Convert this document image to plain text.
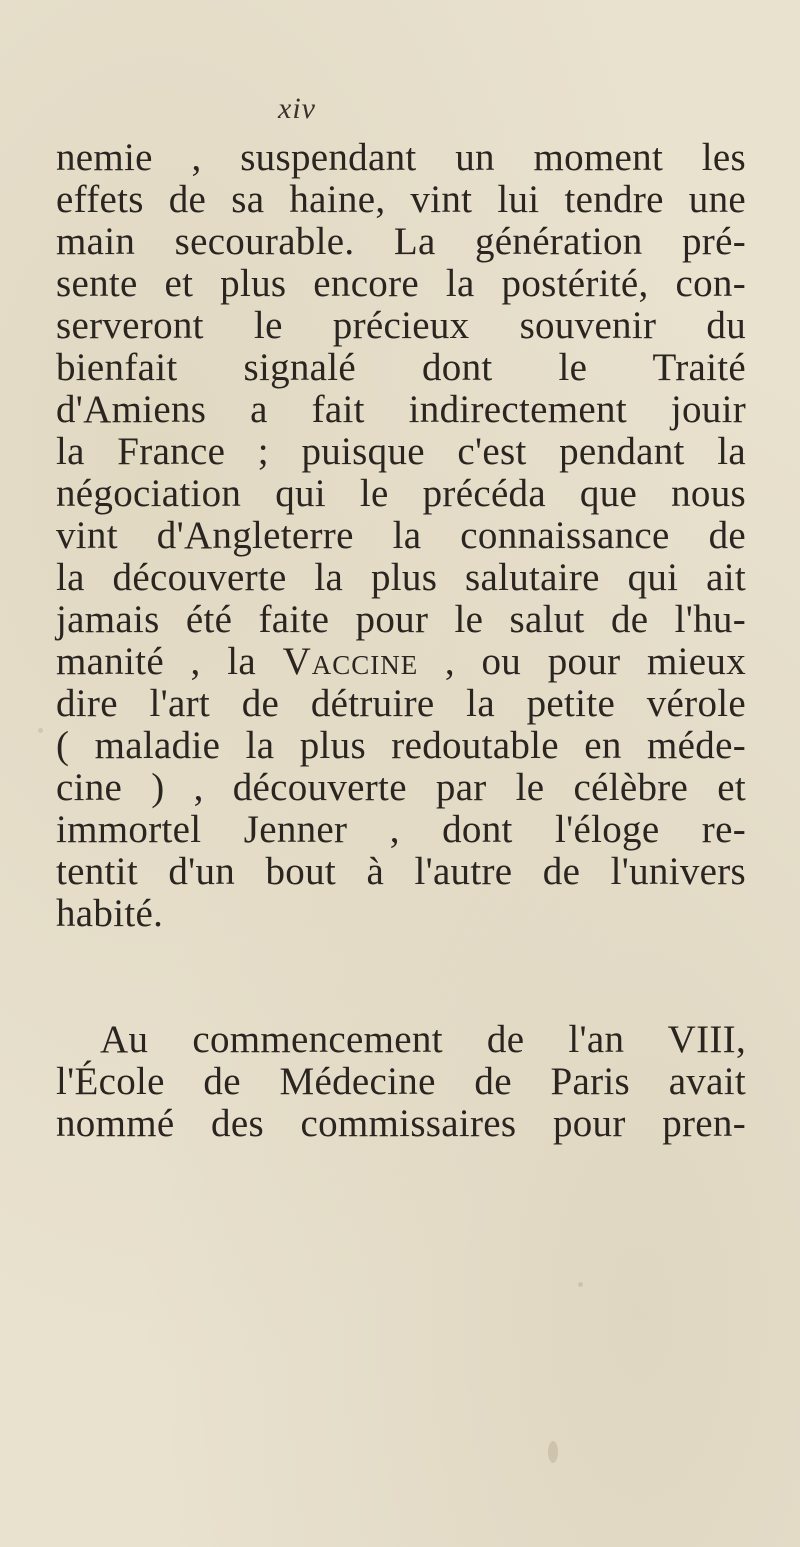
xiv
nemie , suspendant un moment les
effets de sa haine, vint lui tendre une
main secourable. La génération pré-
sente et plus encore la postérité, con-
serveront le précieux souvenir du
bienfait signalé dont le Traité
d'Amiens a fait indirectement jouir
la France ; puisque c'est pendant la
négociation qui le précéda que nous
vint d'Angleterre la connaissance de
la découverte la plus salutaire qui ait
jamais été faite pour le salut de l'hu-
manité , la Vaccine , ou pour mieux
dire l'art de détruire la petite vérole
( maladie la plus redoutable en méde-
cine ) , découverte par le célèbre et
immortel Jenner , dont l'éloge re-
tentit d'un bout à l'autre de l'univers
habité.
Au commencement de l'an VIII,
l'École de Médecine de Paris avait
nommé des commissaires pour pren-
